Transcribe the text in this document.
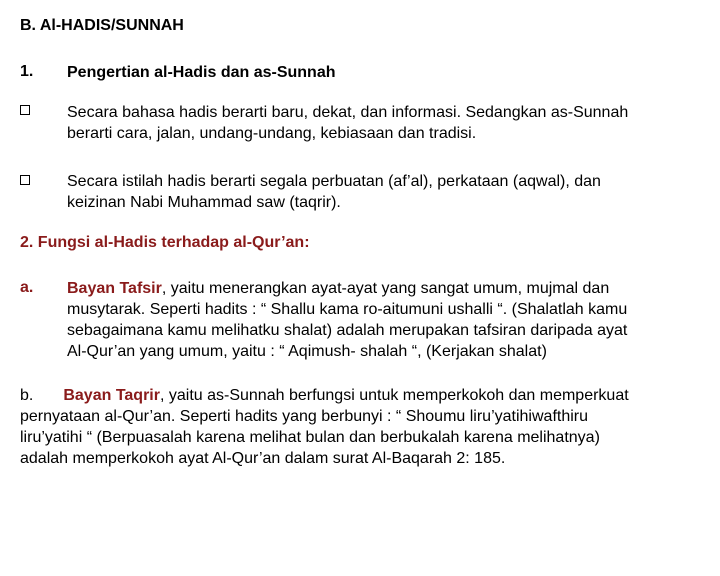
B. Al-HADIS/SUNNAH
1. Pengertian al-Hadis dan as-Sunnah
Secara bahasa hadis berarti baru, dekat, dan informasi. Sedangkan as-Sunnah
berarti cara, jalan, undang-undang, kebiasaan dan tradisi.
Secara istilah hadis berarti segala perbuatan (af’al), perkataan (aqwal), dan
keizinan Nabi Muhammad saw (taqrir).
2. Fungsi al-Hadis terhadap al-Qur’an:
a. Bayan Tafsir, yaitu menerangkan ayat-ayat yang sangat umum, mujmal dan
musytarak. Seperti hadits : “ Shallu kama ro-aitumuni ushalli “. (Shalatlah kamu
sebagaimana kamu melihatku shalat) adalah merupakan tafsiran daripada ayat
Al-Qur’an yang umum, yaitu : “ Aqimush- shalah “, (Kerjakan shalat)
b. Bayan Taqrir, yaitu as-Sunnah berfungsi untuk memperkokoh dan memperkuat
pernyataan al-Qur’an. Seperti hadits yang berbunyi : “ Shoumu liru’yatihiwafthiru
liru’yatihi “ (Berpuasalah karena melihat bulan dan berbukalah karena melihatnya)
adalah memperkokoh ayat Al-Qur’an dalam surat Al-Baqarah 2: 185.
